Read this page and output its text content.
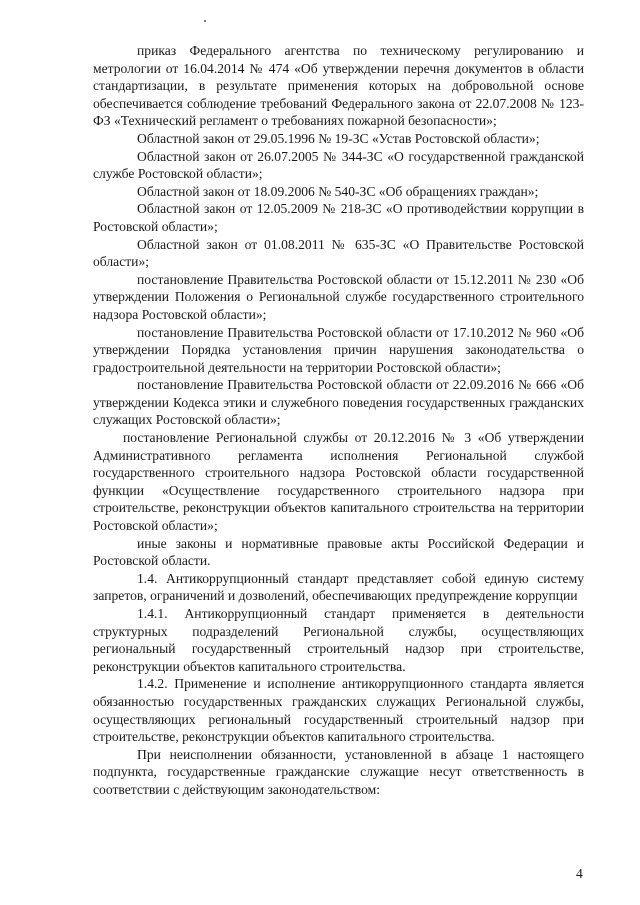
приказ Федерального агентства по техническому регулированию и метрологии от 16.04.2014 № 474 «Об утверждении перечня документов в области стандартизации, в результате применения которых на добровольной основе обеспечивается соблюдение требований Федерального закона от 22.07.2008 № 123-ФЗ «Технический регламент о требованиях пожарной безопасности»;

Областной закон от 29.05.1996 № 19-ЗС «Устав Ростовской области»;

Областной закон от 26.07.2005 № 344-ЗС «О государственной гражданской службе Ростовской области»;

Областной закон от 18.09.2006 № 540-ЗС «Об обращениях граждан»;

Областной закон от 12.05.2009 № 218-ЗС «О противодействии коррупции в Ростовской области»;

Областной закон от 01.08.2011 № 635-ЗС «О Правительстве Ростовской области»;

постановление Правительства Ростовской области от 15.12.2011 № 230 «Об утверждении Положения о Региональной службе государственного строительного надзора Ростовской области»;

постановление Правительства Ростовской области от 17.10.2012 № 960 «Об утверждении Порядка установления причин нарушения законодательства о градостроительной деятельности на территории Ростовской области»;

постановление Правительства Ростовской области от 22.09.2016 № 666 «Об утверждении Кодекса этики и служебного поведения государственных гражданских служащих Ростовской области»;

постановление Региональной службы от 20.12.2016 № 3 «Об утверждении Административного регламента исполнения Региональной службой государственного строительного надзора Ростовской области государственной функции «Осуществление государственного строительного надзора при строительстве, реконструкции объектов капитального строительства на территории Ростовской области»;

иные законы и нормативные правовые акты Российской Федерации и Ростовской области.

1.4. Антикоррупционный стандарт представляет собой единую систему запретов, ограничений и дозволений, обеспечивающих предупреждение коррупции

1.4.1. Антикоррупционный стандарт применяется в деятельности структурных подразделений Региональной службы, осуществляющих региональный государственный строительный надзор при строительстве, реконструкции объектов капитального строительства.

1.4.2. Применение и исполнение антикоррупционного стандарта является обязанностью государственных гражданских служащих Региональной службы, осуществляющих региональный государственный строительный надзор при строительстве, реконструкции объектов капитального строительства.

При неисполнении обязанности, установленной в абзаце 1 настоящего подпункта, государственные гражданские служащие несут ответственность в соответствии с действующим законодательством:

4
